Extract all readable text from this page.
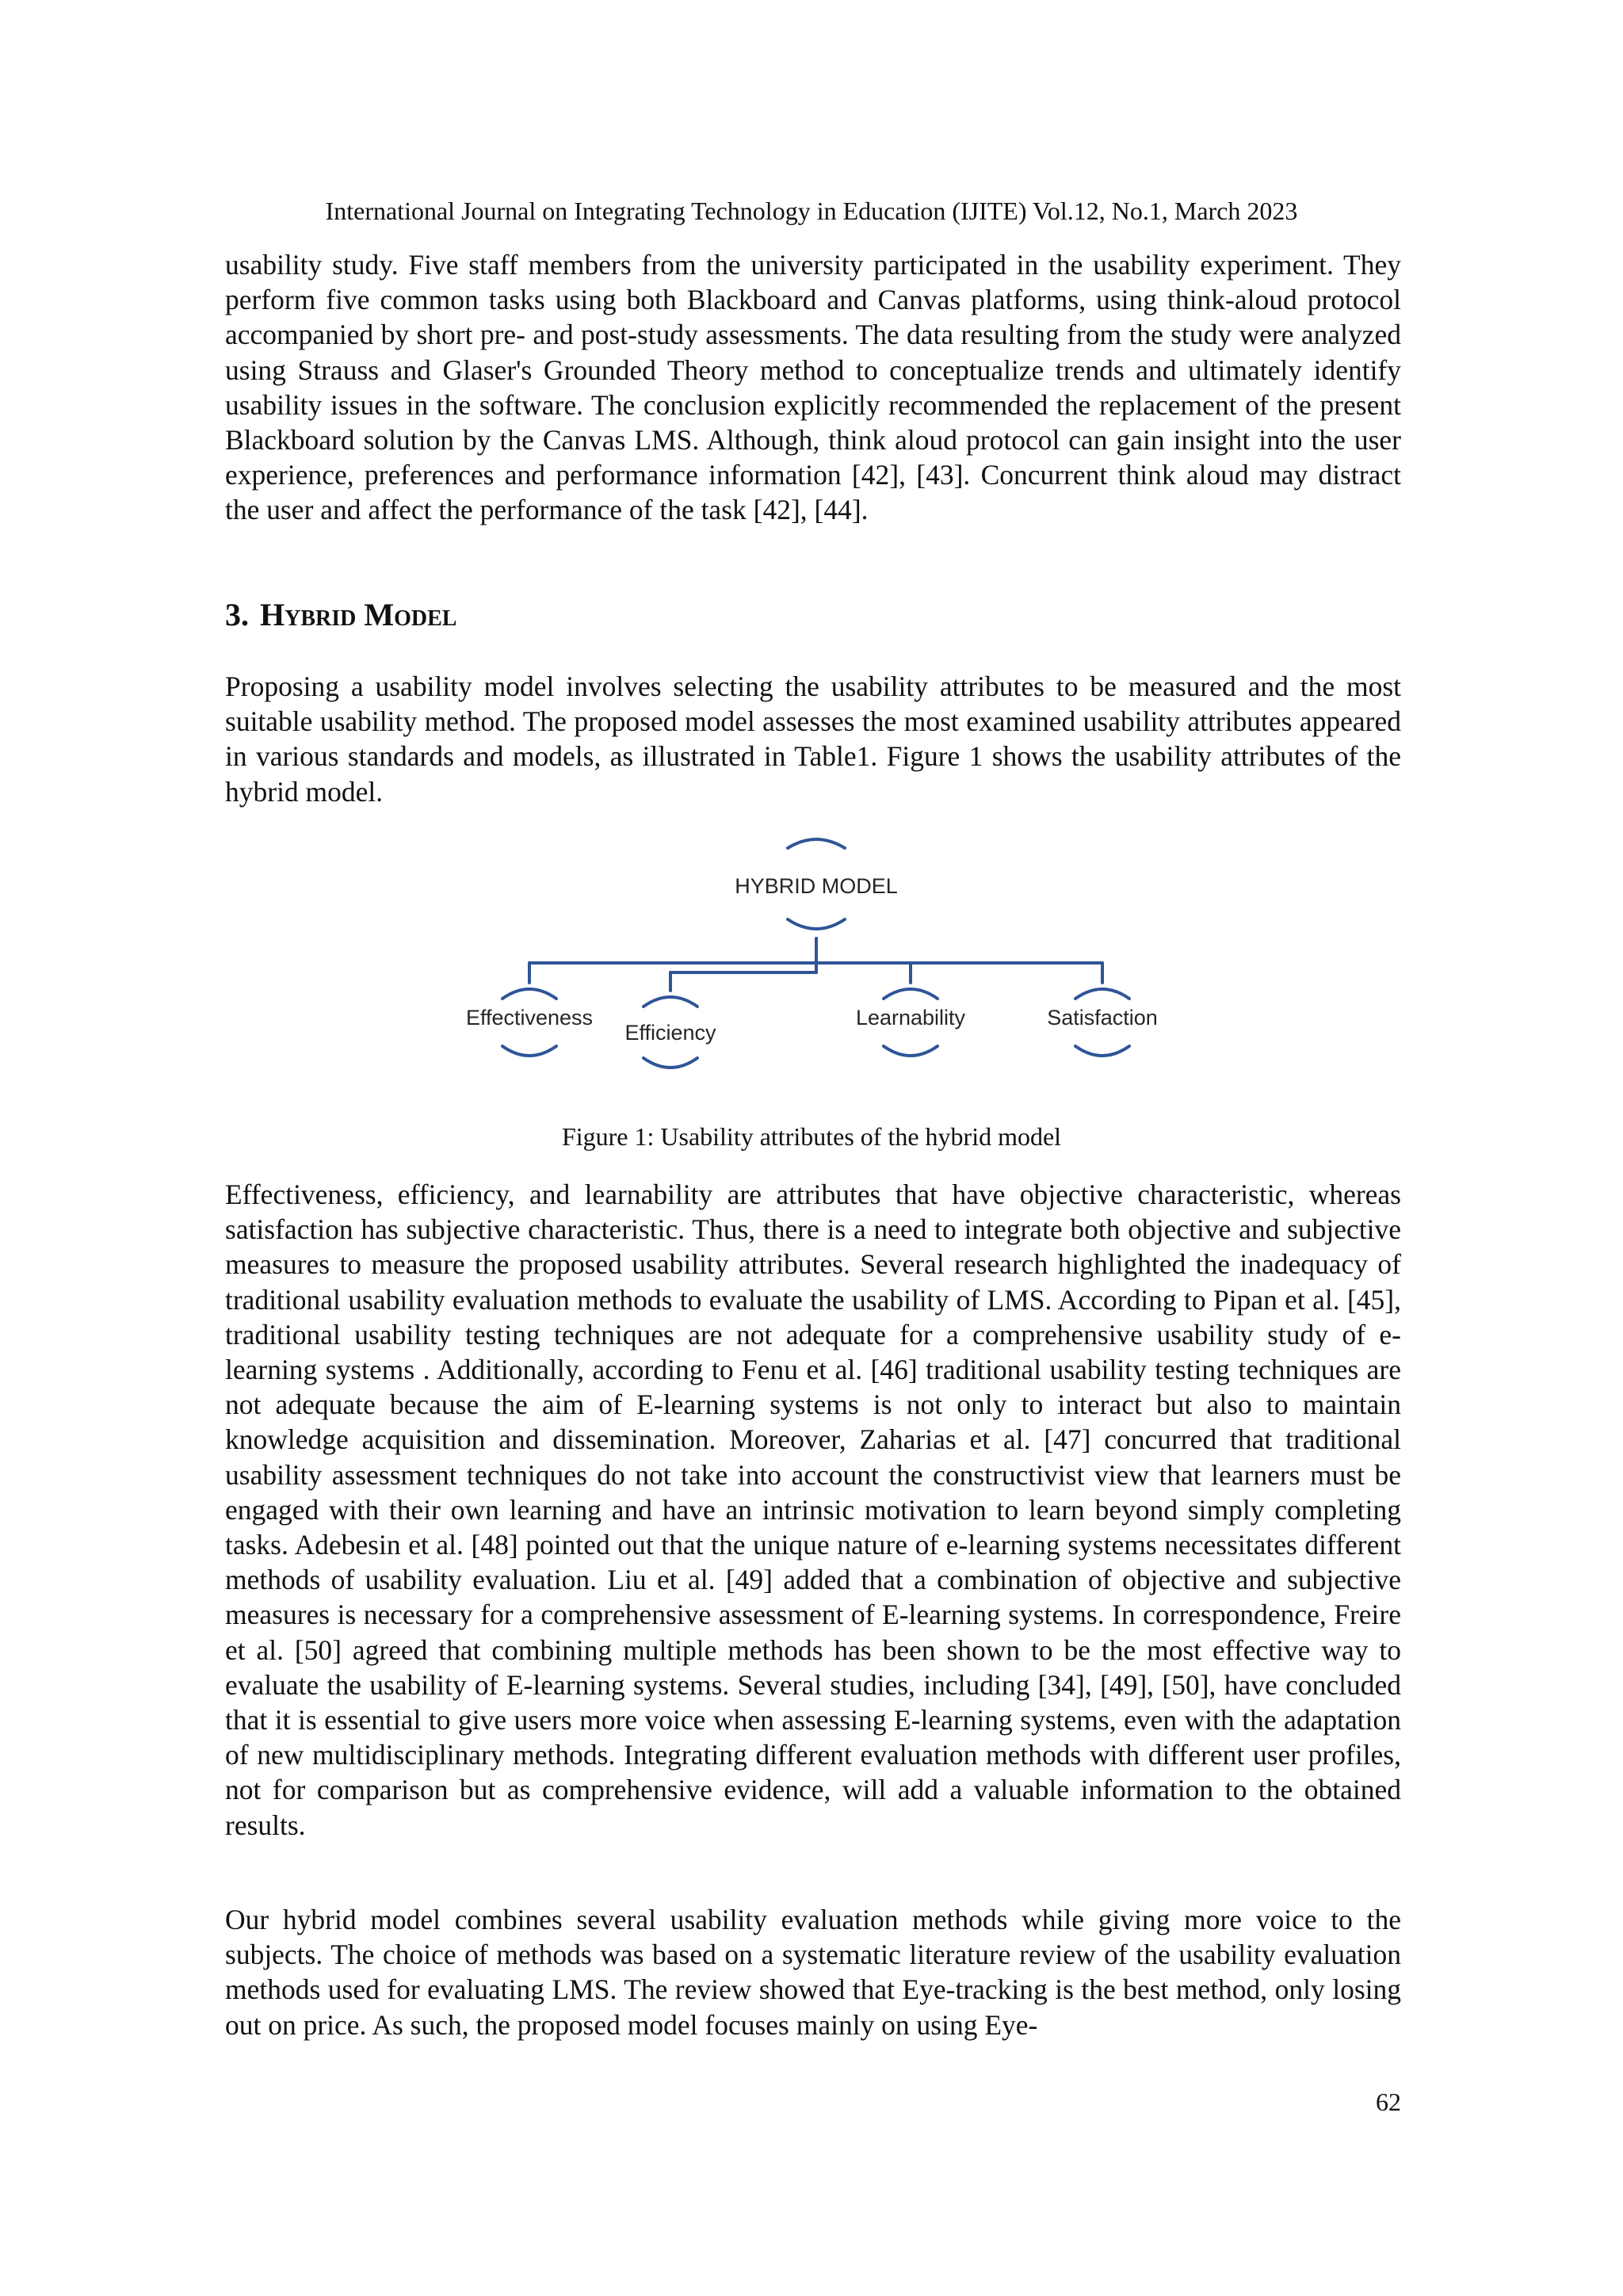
International Journal on Integrating Technology in Education (IJITE) Vol.12, No.1, March 2023

usability study. Five staff members from the university participated in the usability experiment. They perform five common tasks using both Blackboard and Canvas platforms, using think-aloud protocol accompanied by short pre- and post-study assessments. The data resulting from the study were analyzed using Strauss and Glaser's Grounded Theory method to conceptualize trends and ultimately identify usability issues in the software. The conclusion explicitly recommended the replacement of the present Blackboard solution by the Canvas LMS. Although, think aloud protocol can gain insight into the user experience, preferences and performance information [42], [43]. Concurrent think aloud may distract the user and affect the performance of the task [42], [44].

3. Hybrid Model

Proposing a usability model involves selecting the usability attributes to be measured and the most suitable usability method. The proposed model assesses the most examined usability attributes appeared in various standards and models, as illustrated in Table1. Figure 1 shows the usability attributes of the hybrid model.

HYBRID MODEL
Effectiveness
Efficiency
Learnability	Satisfaction
Figure 1: Usability attributes of the hybrid model

Effectiveness, efficiency, and learnability are attributes that have objective characteristic, whereas satisfaction has subjective characteristic. Thus, there is a need to integrate both objective and subjective measures to measure the proposed usability attributes. Several research highlighted the inadequacy of traditional usability evaluation methods to evaluate the usability of LMS. According to Pipan et al. [45], traditional usability testing techniques are not adequate for a comprehensive usability study of e-learning systems . Additionally, according to Fenu et al. [46] traditional usability testing techniques are not adequate because the aim of E-learning systems is not only to interact but also to maintain knowledge acquisition and dissemination. Moreover, Zaharias et al. [47] concurred that traditional usability assessment techniques do not take into account the constructivist view that learners must be engaged with their own learning and have an intrinsic motivation to learn beyond simply completing tasks. Adebesin et al. [48] pointed out that the unique nature of e-learning systems necessitates different methods of usability evaluation. Liu et al. [49] added that a combination of objective and subjective measures is necessary for a comprehensive assessment of E-learning systems. In correspondence, Freire et al. [50] agreed that combining multiple methods has been shown to be the most effective way to evaluate the usability of E-learning systems. Several studies, including [34], [49], [50], have concluded that it is essential to give users more voice when assessing E-learning systems, even with the adaptation of new multidisciplinary methods. Integrating different evaluation methods with different user profiles, not for comparison but as comprehensive evidence, will add a valuable information to the obtained results.

Our hybrid model combines several usability evaluation methods while giving more voice to the subjects. The choice of methods was based on a systematic literature review of the usability evaluation methods used for evaluating LMS. The review showed that Eye-tracking is the best method, only losing out on price. As such, the proposed model focuses mainly on using Eye-

62
